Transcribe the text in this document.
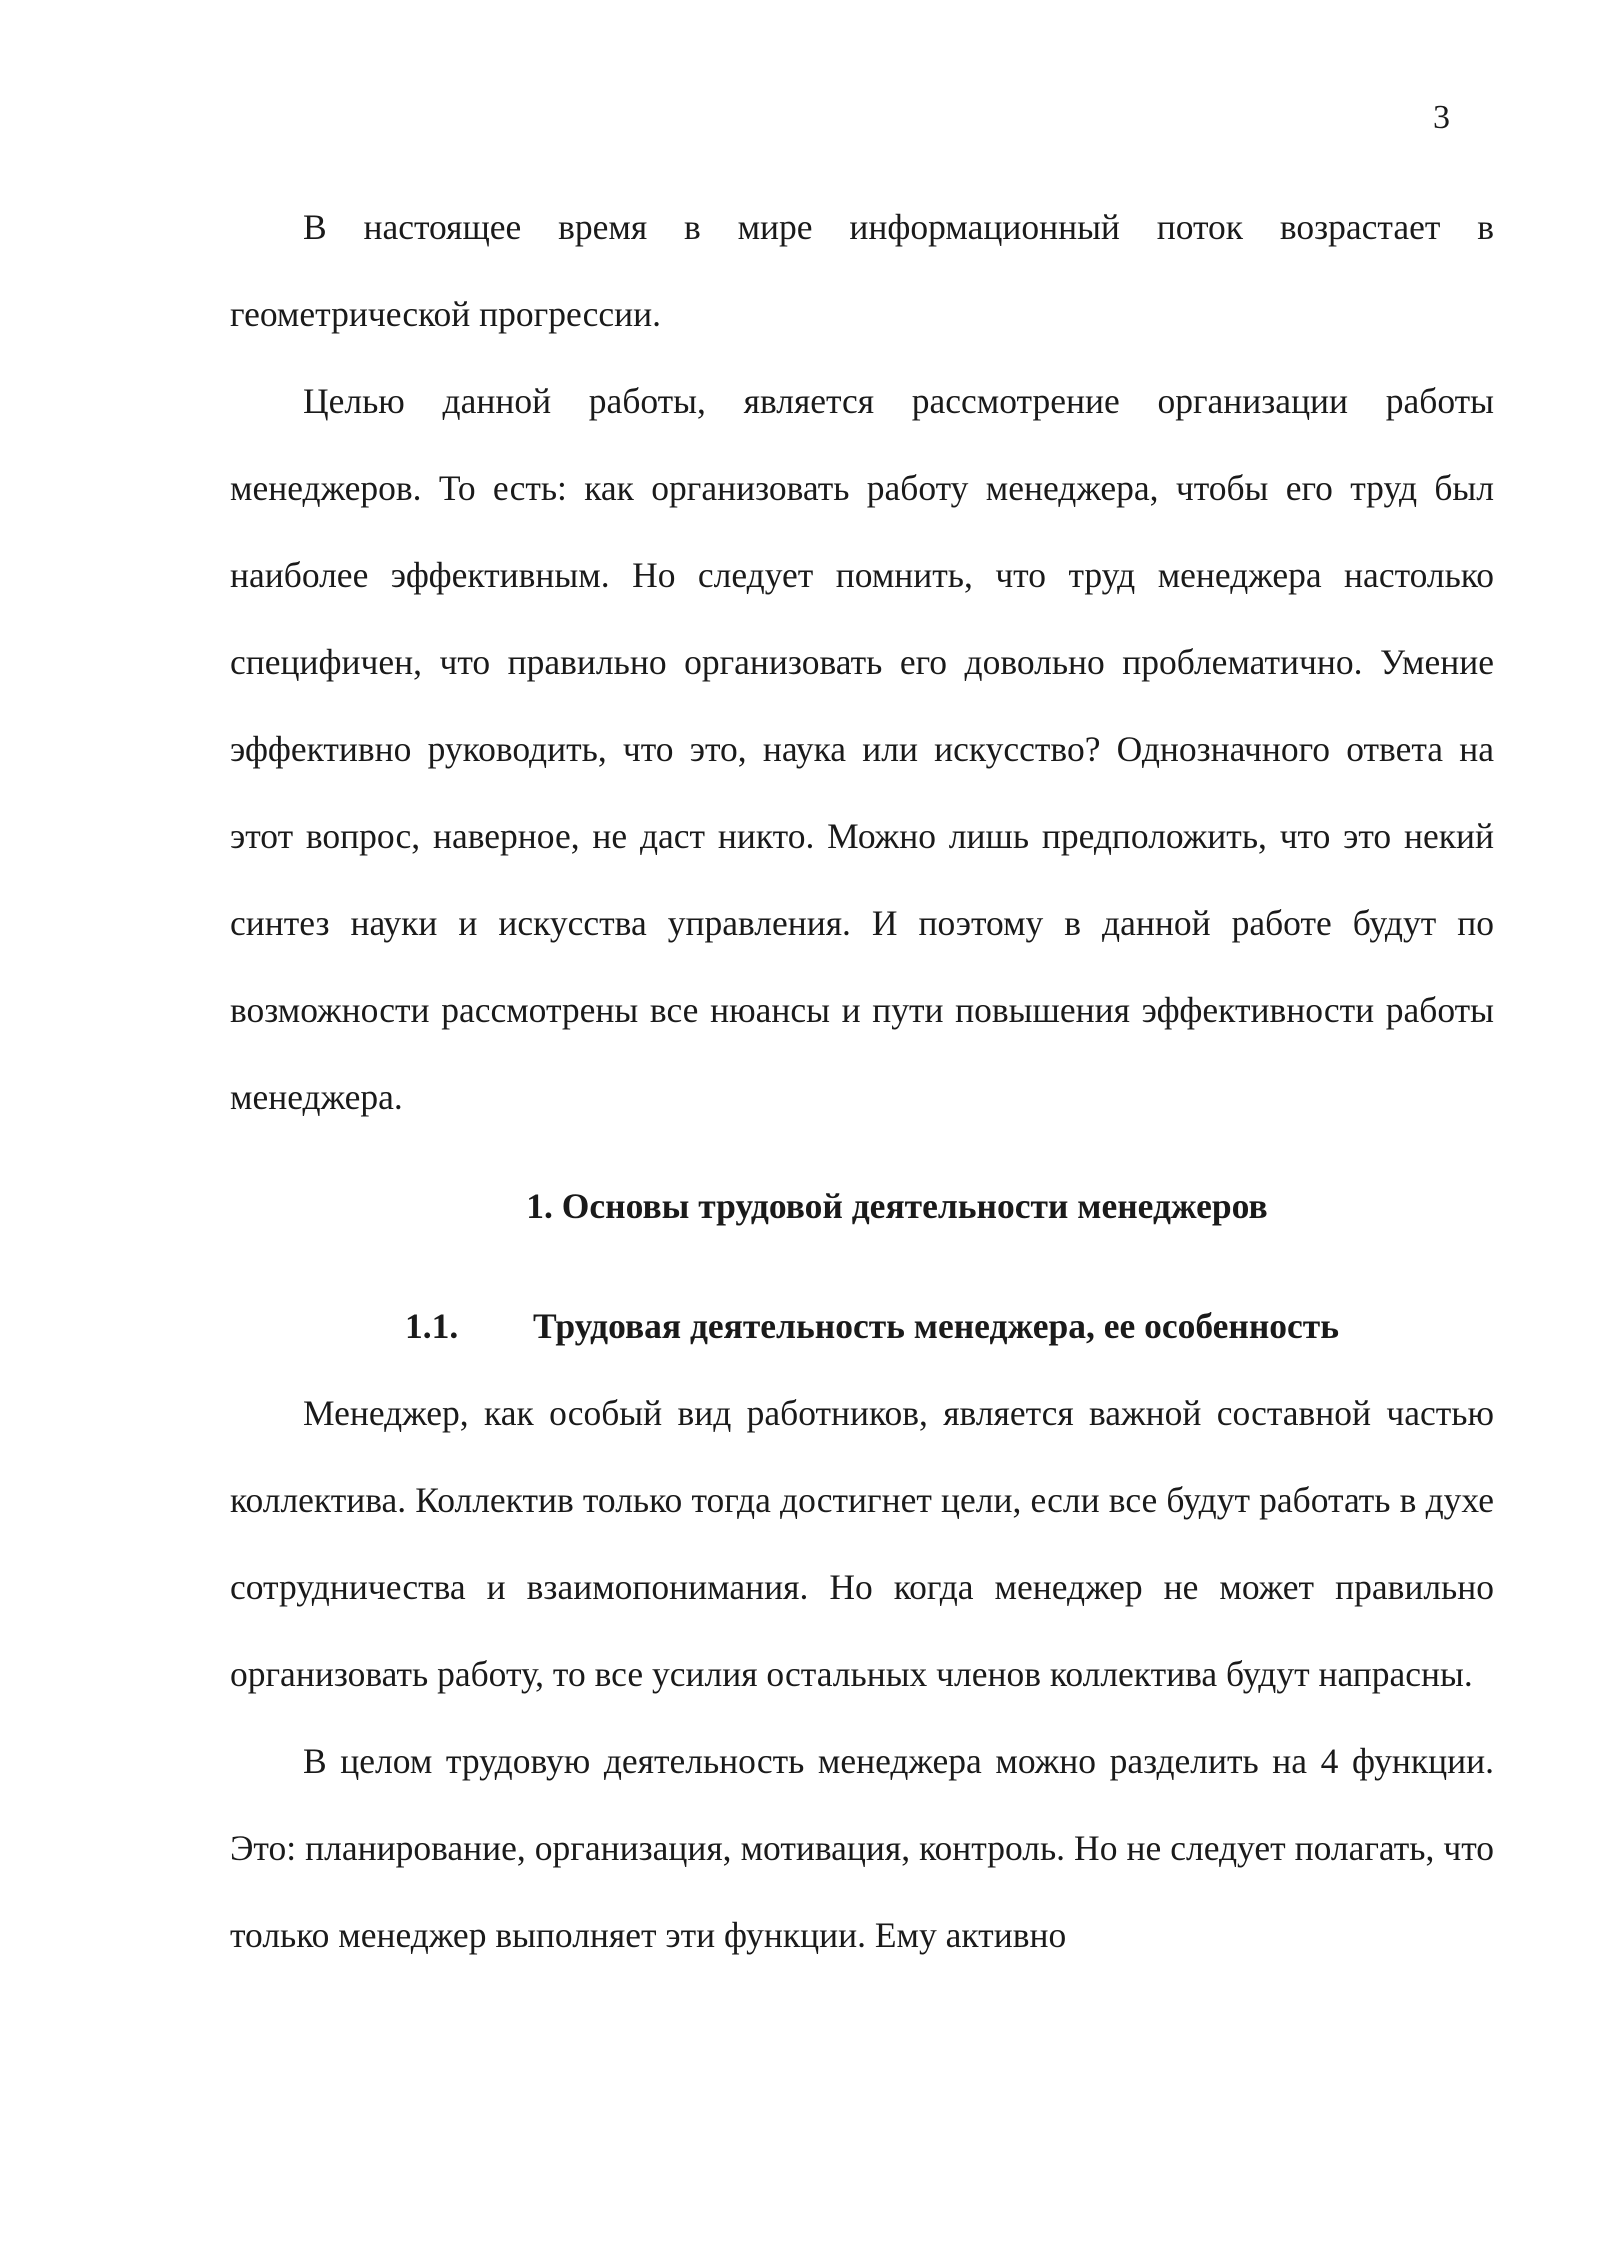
3

В настоящее время в мире информационный поток возрастает в геометрической прогрессии.

Целью данной работы, является рассмотрение организации работы менеджеров. То есть: как организовать работу менеджера, чтобы его труд был наиболее эффективным. Но следует помнить, что труд менеджера настолько специфичен, что правильно организовать его довольно проблематично. Умение эффективно руководить, что это, наука или искусство? Однозначного ответа на этот вопрос, наверное, не даст никто. Можно лишь предположить, что это некий синтез науки и искусства управления. И поэтому в данной работе будут по возможности рассмотрены все нюансы и пути повышения эффективности работы менеджера.

1. Основы трудовой деятельности менеджеров
1.1.	Трудовая деятельность менеджера, ее особенность

Менеджер, как особый вид работников, является важной составной частью коллектива. Коллектив только тогда достигнет цели, если все будут работать в духе сотрудничества и взаимопонимания. Но когда менеджер не может правильно организовать работу, то все усилия остальных членов коллектива будут напрасны.

В целом трудовую деятельность менеджера можно разделить на 4 функции. Это: планирование, организация, мотивация, контроль. Но не следует полагать, что только менеджер выполняет эти функции. Ему активно
